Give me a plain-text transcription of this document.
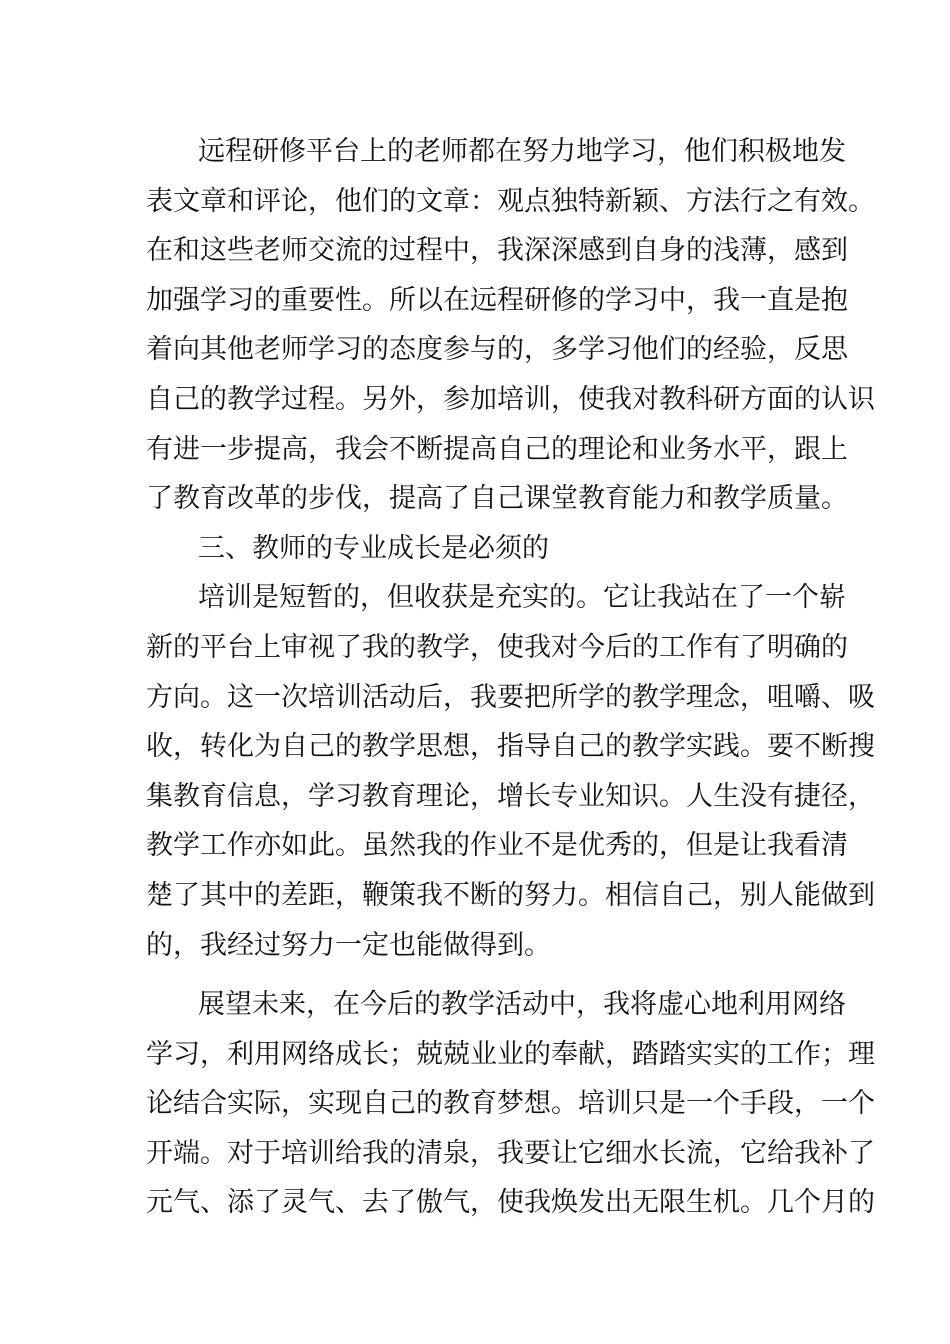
远程研修平台上的老师都在努力地学习，他们积极地发
表文章和评论，他们的文章：观点独特新颖、方法行之有效。
在和这些老师交流的过程中，我深深感到自身的浅薄，感到
加强学习的重要性。所以在远程研修的学习中，我一直是抱
着向其他老师学习的态度参与的，多学习他们的经验，反思
自己的教学过程。另外，参加培训，使我对教科研方面的认识
有进一步提高，我会不断提高自己的理论和业务水平，跟上
了教育改革的步伐，提高了自己课堂教育能力和教学质量。
三、教师的专业成长是必须的
培训是短暂的，但收获是充实的。它让我站在了一个崭
新的平台上审视了我的教学，使我对今后的工作有了明确的
方向。这一次培训活动后，我要把所学的教学理念，咀嚼、吸
收，转化为自己的教学思想，指导自己的教学实践。要不断搜
集教育信息，学习教育理论，增长专业知识。人生没有捷径，
教学工作亦如此。虽然我的作业不是优秀的，但是让我看清
楚了其中的差距，鞭策我不断的努力。相信自己，别人能做到
的，我经过努力一定也能做得到。
展望未来，在今后的教学活动中，我将虚心地利用网络
学习，利用网络成长；兢兢业业的奉献，踏踏实实的工作；理
论结合实际，实现自己的教育梦想。培训只是一个手段，一个
开端。对于培训给我的清泉，我要让它细水长流，它给我补了
元气、添了灵气、去了傲气，使我焕发出无限生机。几个月的
